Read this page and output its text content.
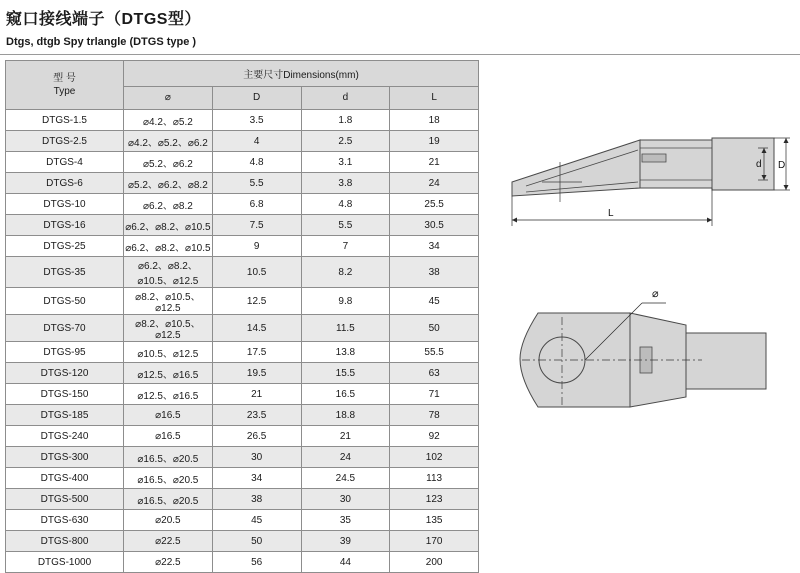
窥口接线端子（DTGS型）
Dtgs, dtgb Spy trlangle (DTGS type )
型 号
Type	主要尺寸Dimensions(mm)			
	⌀	D	d	L
DTGS-1.5	⌀4.2、⌀5.2	3.5	1.8	18
DTGS-2.5	⌀4.2、⌀5.2、⌀6.2	4	2.5	19
DTGS-4	⌀5.2、⌀6.2	4.8	3.1	21
DTGS-6	⌀5.2、⌀6.2、⌀8.2	5.5	3.8	24
DTGS-10	⌀6.2、⌀8.2	6.8	4.8	25.5
DTGS-16	⌀6.2、⌀8.2、⌀10.5	7.5	5.5	30.5
DTGS-25	⌀6.2、⌀8.2、⌀10.5	9	7	34
DTGS-35	⌀6.2、⌀8.2、⌀10.5、⌀12.5	10.5	8.2	38
DTGS-50	⌀8.2、⌀10.5、⌀12.5	12.5	9.8	45
DTGS-70	⌀8.2、⌀10.5、⌀12.5	14.5	11.5	50
DTGS-95	⌀10.5、⌀12.5	17.5	13.8	55.5
DTGS-120	⌀12.5、⌀16.5	19.5	15.5	63
DTGS-150	⌀12.5、⌀16.5	21	16.5	71
DTGS-185	⌀16.5	23.5	18.8	78
DTGS-240	⌀16.5	26.5	21	92
DTGS-300	⌀16.5、⌀20.5	30	24	102
DTGS-400	⌀16.5、⌀20.5	34	24.5	113
DTGS-500	⌀16.5、⌀20.5	38	30	123
DTGS-630	⌀20.5	45	35	135
DTGS-800	⌀22.5	50	39	170
DTGS-1000	⌀22.5	56	44	200
D
d
L
⌀
